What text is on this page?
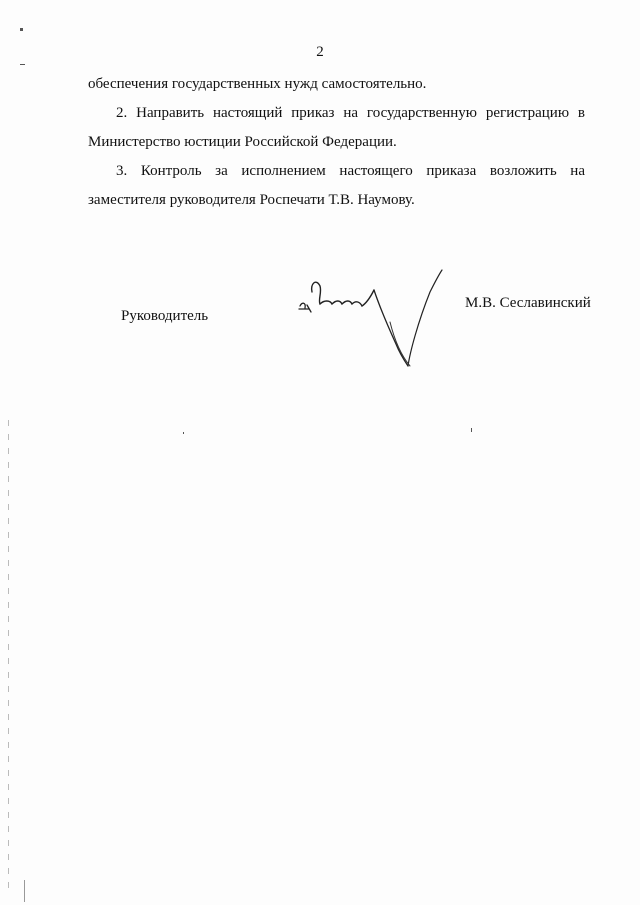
2

обеспечения государственных нужд самостоятельно.

2. Направить настоящий приказ на государственную регистрацию в
Министерство юстиции Российской Федерации.

3. Контроль за исполнением настоящего приказа возложить на
заместителя руководителя Роспечати Т.В. Наумову.

Руководитель
М.В. Сеславинский
